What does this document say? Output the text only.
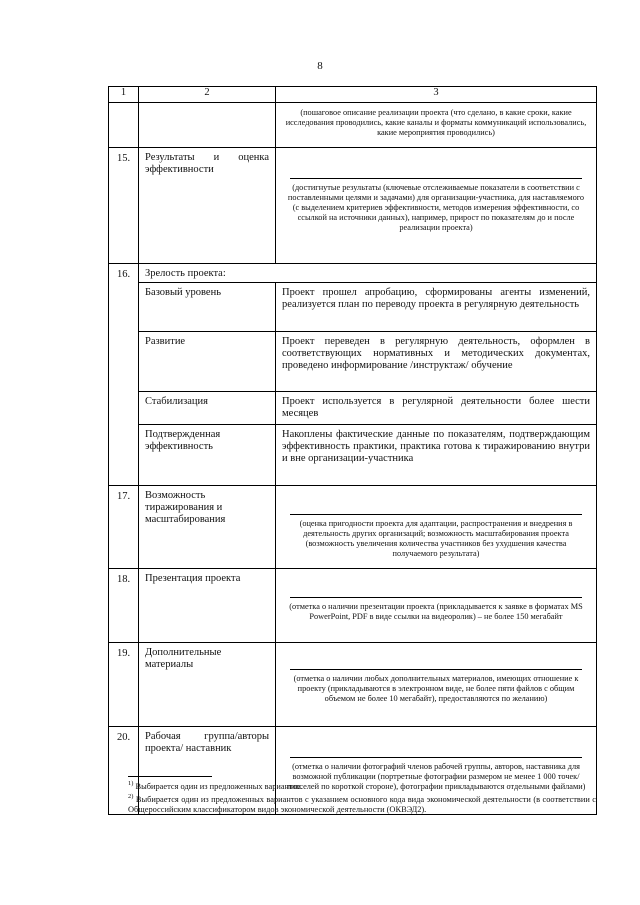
8
1	2	3

		(пошаговое описание реализации проекта (что сделано, в какие сроки, какие исследования проводились, какие каналы и форматы коммуникаций использовались, какие мероприятия проводились)

15.	Результаты и оценка эффективности	(достигнутые результаты (ключевые отслеживаемые показатели в соответствии с поставленными целями и задачами) для организации-участника, для наставляемого (с выделением критериев эффективности, методов измерения эффективности, со ссылкой на источники данных), например, прирост по показателям до и после реализации проекта)

16.	Зрелость проекта:	
	Базовый уровень	Проект прошел апробацию, сформированы агенты изменений, реализуется план по переводу проекта в регулярную деятельность
	Развитие	Проект переведен в регулярную деятельность, оформлен в соответствующих нормативных и методических документах, проведено информирование /инструктаж/ обучение
	Стабилизация	Проект используется в регулярной деятельности более шести месяцев
	Подтвержденная эффективность	Накоплены фактические данные по показателям, подтверждающим эффективность практики, практика готова к тиражированию внутри и вне организации-участника
17.	Возможность тиражирования и масштабирования	(оценка пригодности проекта для адаптации, распространения и внедрения в деятельность других организаций; возможность масштабирования проекта (возможность увеличения количества участников без ухудшения качества получаемого результата)

18.	Презентация проекта	(отметка о наличии презентации проекта (прикладывается к заявке в форматах MS PowerPoint, PDF в виде ссылки на видеоролик) – не более 150 мегабайт

19.	Дополнительные материалы	(отметка о наличии любых дополнительных материалов, имеющих отношение к проекту (прикладываются в электронном виде, не более пяти файлов с общим объемом не более 10 мегабайт), предоставляются по желанию)

20.	Рабочая группа/авторы проекта/ наставник	(отметка о наличии фотографий членов рабочей группы, авторов, наставника для возможной публикации (портретные фотографии размером не менее 1 000 точек/пикселей по короткой стороне), фотографии прикладываются отдельными файлами)
$^{1)}$ Выбирается один из предложенных вариантов.
$^{2)}$ Выбирается один из предложенных вариантов с указанием основного кода вида экономической деятельности (в соответствии с Общероссийским классификатором видов экономической деятельности (ОКВЭД2).
